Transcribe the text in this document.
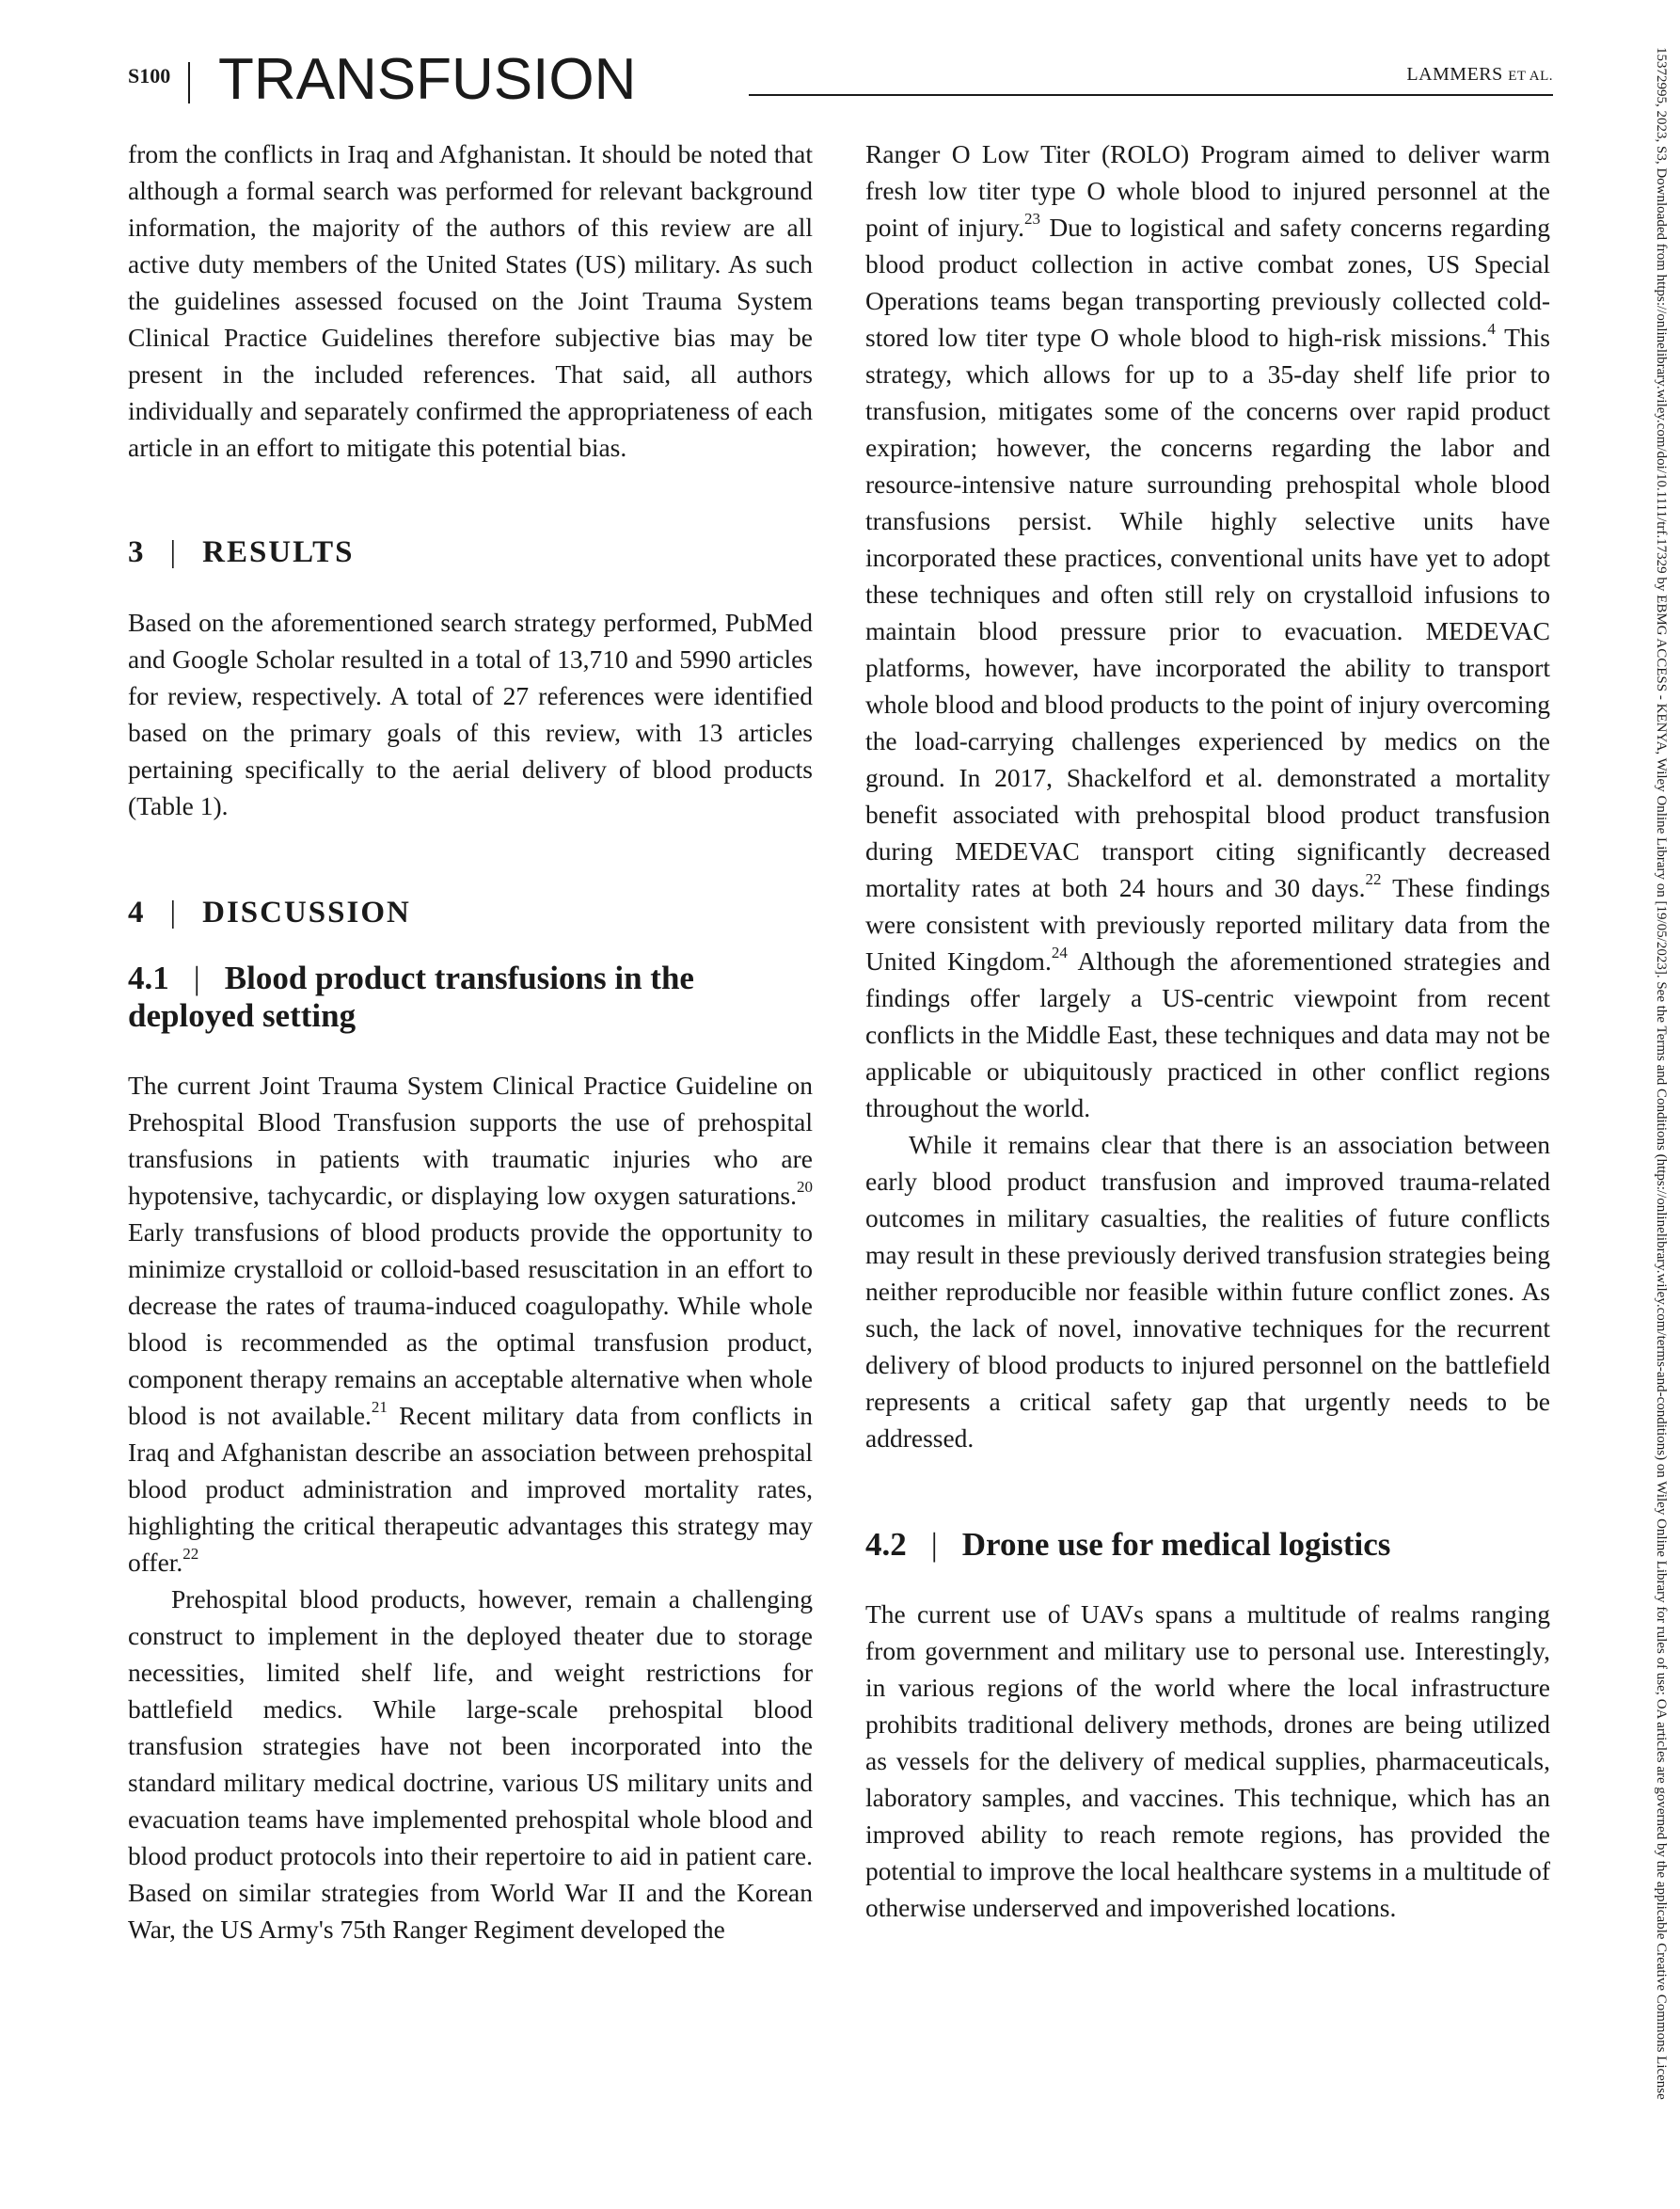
S100 TRANSFUSION	LAMMERS ET AL.

from the conflicts in Iraq and Afghanistan. It should be noted that although a formal search was performed for relevant background information, the majority of the authors of this review are all active duty members of the United States (US) military. As such the guidelines assessed focused on the Joint Trauma System Clinical Practice Guidelines therefore subjective bias may be present in the included references. That said, all authors individually and separately confirmed the appropriateness of each article in an effort to mitigate this potential bias.

3 | RESULTS

Based on the aforementioned search strategy performed, PubMed and Google Scholar resulted in a total of 13,710 and 5990 articles for review, respectively. A total of 27 references were identified based on the primary goals of this review, with 13 articles pertaining specifically to the aerial delivery of blood products (Table 1).

4 | DISCUSSION
4.1 | Blood product transfusions in the deployed setting

The current Joint Trauma System Clinical Practice Guideline on Prehospital Blood Transfusion supports the use of prehospital transfusions in patients with traumatic injuries who are hypotensive, tachycardic, or displaying low oxygen saturations.$^{20}$ Early transfusions of blood products provide the opportunity to minimize crystalloid or colloid-based resuscitation in an effort to decrease the rates of trauma-induced coagulopathy. While whole blood is recommended as the optimal transfusion product, component therapy remains an acceptable alternative when whole blood is not available.$^{21}$ Recent military data from conflicts in Iraq and Afghanistan describe an association between prehospital blood product administration and improved mortality rates, highlighting the critical therapeutic advantages this strategy may offer.$^{22}$

Prehospital blood products, however, remain a challenging construct to implement in the deployed theater due to storage necessities, limited shelf life, and weight restrictions for battlefield medics. While large-scale prehospital blood transfusion strategies have not been incorporated into the standard military medical doctrine, various US military units and evacuation teams have implemented prehospital whole blood and blood product protocols into their repertoire to aid in patient care. Based on similar strategies from World War II and the Korean War, the US Army's 75th Ranger Regiment developed the

Ranger O Low Titer (ROLO) Program aimed to deliver warm fresh low titer type O whole blood to injured personnel at the point of injury.$^{23}$ Due to logistical and safety concerns regarding blood product collection in active combat zones, US Special Operations teams began transporting previously collected cold-stored low titer type O whole blood to high-risk missions.$^4$ This strategy, which allows for up to a 35-day shelf life prior to transfusion, mitigates some of the concerns over rapid product expiration; however, the concerns regarding the labor and resource-intensive nature surrounding prehospital whole blood transfusions persist. While highly selective units have incorporated these practices, conventional units have yet to adopt these techniques and often still rely on crystalloid infusions to maintain blood pressure prior to evacuation. MEDEVAC platforms, however, have incorporated the ability to transport whole blood and blood products to the point of injury overcoming the load-carrying challenges experienced by medics on the ground. In 2017, Shackelford et al. demonstrated a mortality benefit associated with prehospital blood product transfusion during MEDEVAC transport citing significantly decreased mortality rates at both 24 hours and 30 days.$^{22}$ These findings were consistent with previously reported military data from the United Kingdom.$^{24}$ Although the aforementioned strategies and findings offer largely a US-centric viewpoint from recent conflicts in the Middle East, these techniques and data may not be applicable or ubiquitously practiced in other conflict regions throughout the world.

While it remains clear that there is an association between early blood product transfusion and improved trauma-related outcomes in military casualties, the realities of future conflicts may result in these previously derived transfusion strategies being neither reproducible nor feasible within future conflict zones. As such, the lack of novel, innovative techniques for the recurrent delivery of blood products to injured personnel on the battlefield represents a critical safety gap that urgently needs to be addressed.

4.2 | Drone use for medical logistics

The current use of UAVs spans a multitude of realms ranging from government and military use to personal use. Interestingly, in various regions of the world where the local infrastructure prohibits traditional delivery methods, drones are being utilized as vessels for the delivery of medical supplies, pharmaceuticals, laboratory samples, and vaccines. This technique, which has an improved ability to reach remote regions, has provided the potential to improve the local healthcare systems in a multitude of otherwise underserved and impoverished locations.	15372995, 2023, S3, Downloaded from https://onlinelibrary.wiley.com/doi/10.1111/trf.17329 by EBMG ACCESS - KENYA, Wiley Online Library on [19/05/2023]. See the Terms and Conditions (https://onlinelibrary.wiley.com/terms-and-conditions) on Wiley Online Library for rules of use; OA articles are governed by the applicable Creative Commons License
